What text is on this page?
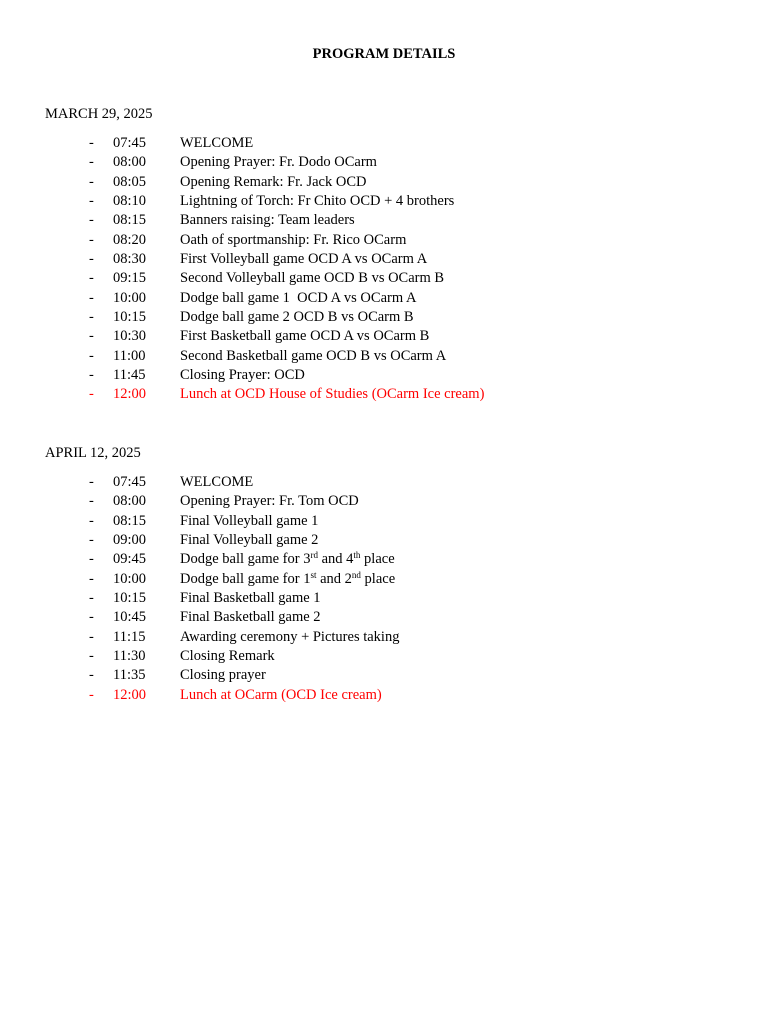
PROGRAM DETAILS
MARCH 29, 2025
- 07:45 WELCOME
- 08:00 Opening Prayer: Fr. Dodo OCarm
- 08:05 Opening Remark: Fr. Jack OCD
- 08:10 Lightning of Torch: Fr Chito OCD + 4 brothers
- 08:15 Banners raising: Team leaders
- 08:20 Oath of sportmanship: Fr. Rico OCarm
- 08:30 First Volleyball game OCD A vs OCarm A
- 09:15 Second Volleyball game OCD B vs OCarm B
- 10:00 Dodge ball game 1  OCD A vs OCarm A
- 10:15 Dodge ball game 2 OCD B vs OCarm B
- 10:30 First Basketball game OCD A vs OCarm B
- 11:00 Second Basketball game OCD B vs OCarm A
- 11:45 Closing Prayer: OCD
- 12:00 Lunch at OCD House of Studies (OCarm Ice cream)
APRIL 12, 2025
- 07:45 WELCOME
- 08:00 Opening Prayer: Fr. Tom OCD
- 08:15 Final Volleyball game 1
- 09:00 Final Volleyball game 2
- 09:45 Dodge ball game for 3rd and 4th place
- 10:00 Dodge ball game for 1st and 2nd place
- 10:15 Final Basketball game 1
- 10:45 Final Basketball game 2
- 11:15 Awarding ceremony + Pictures taking
- 11:30 Closing Remark
- 11:35 Closing prayer
- 12:00 Lunch at OCarm (OCD Ice cream)
